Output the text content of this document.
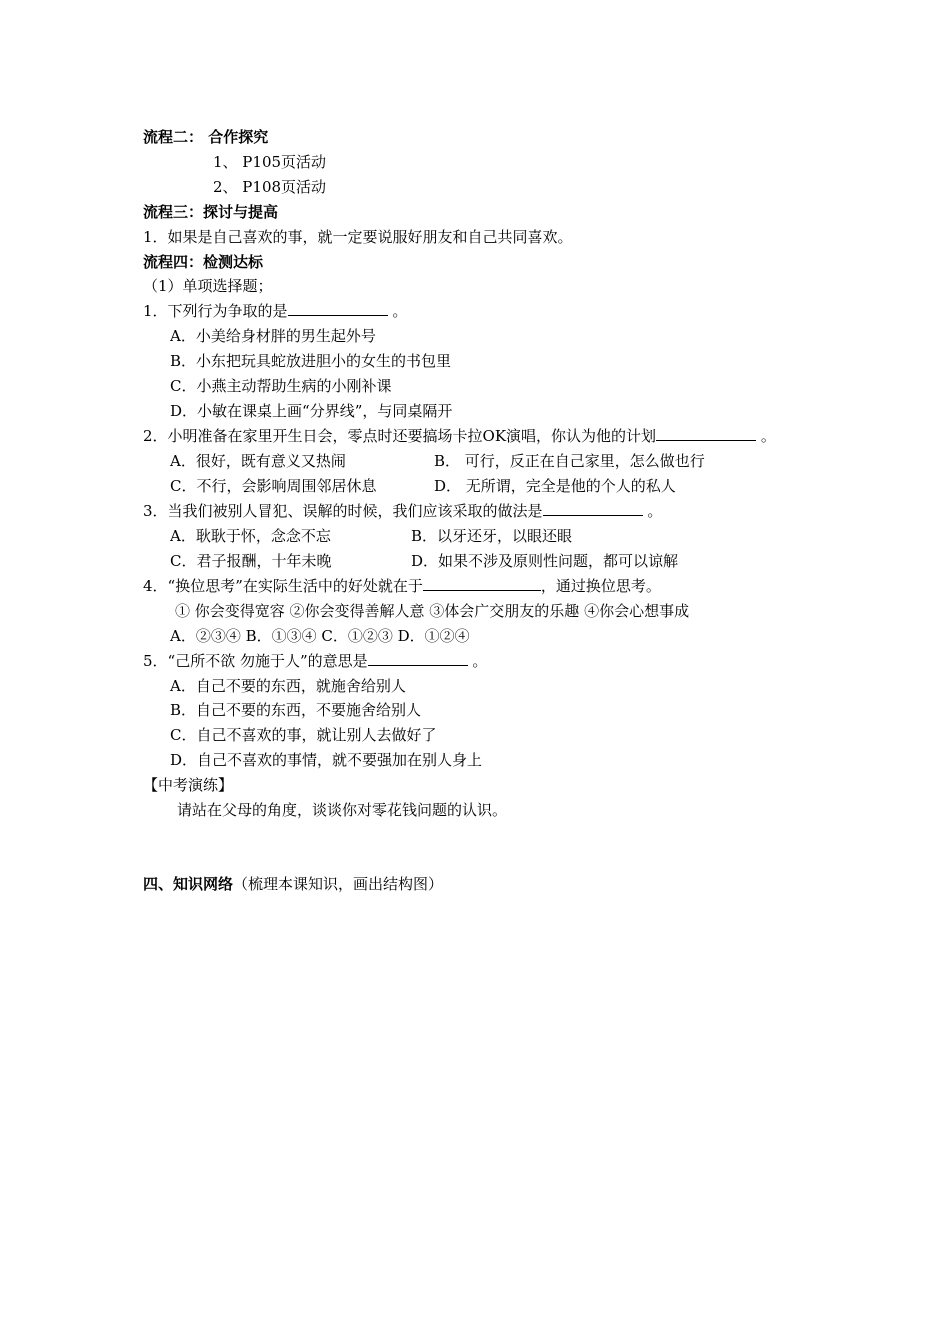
流程二： 合作探究
1、 P105页活动
2、 P108页活动
流程三：探讨与提高
1．如果是自己喜欢的事，就一定要说服好朋友和自己共同喜欢。
流程四：检测达标
（1）单项选择题；
1．下列行为争取的是	。
A．小美给身材胖的男生起外号
B．小东把玩具蛇放进胆小的女生的书包里
C．小燕主动帮助生病的小刚补课
D．小敏在课桌上画“分界线”，与同桌隔开
2．小明准备在家里开生日会，零点时还要搞场卡拉OK演唱，你认为他的计划	。
A．很好，既有意义又热闹	B． 可行，反正在自己家里，怎么做也行
C．不行，会影响周围邻居休息	D． 无所谓，完全是他的个人的私人
3．当我们被别人冒犯、误解的时候，我们应该采取的做法是	。
A．耿耿于怀，念念不忘	B．以牙还牙，以眼还眼
C．君子报酬，十年未晚	D．如果不涉及原则性问题，都可以谅解
4．“换位思考”在实际生活中的好处就在于	，通过换位思考。
① 你会变得宽容 ②你会变得善解人意 ③体会广交朋友的乐趣 ④你会心想事成
A．②③④ B．①③④ C．①②③ D．①②④
5．“己所不欲 勿施于人”的意思是	。
A．自己不要的东西，就施舍给别人
B．自己不要的东西，不要施舍给别人
C．自己不喜欢的事，就让别人去做好了
D．自己不喜欢的事情，就不要强加在别人身上
【中考演练】
请站在父母的角度，谈谈你对零花钱问题的认识。
四、知识网络（梳理本课知识，画出结构图）
